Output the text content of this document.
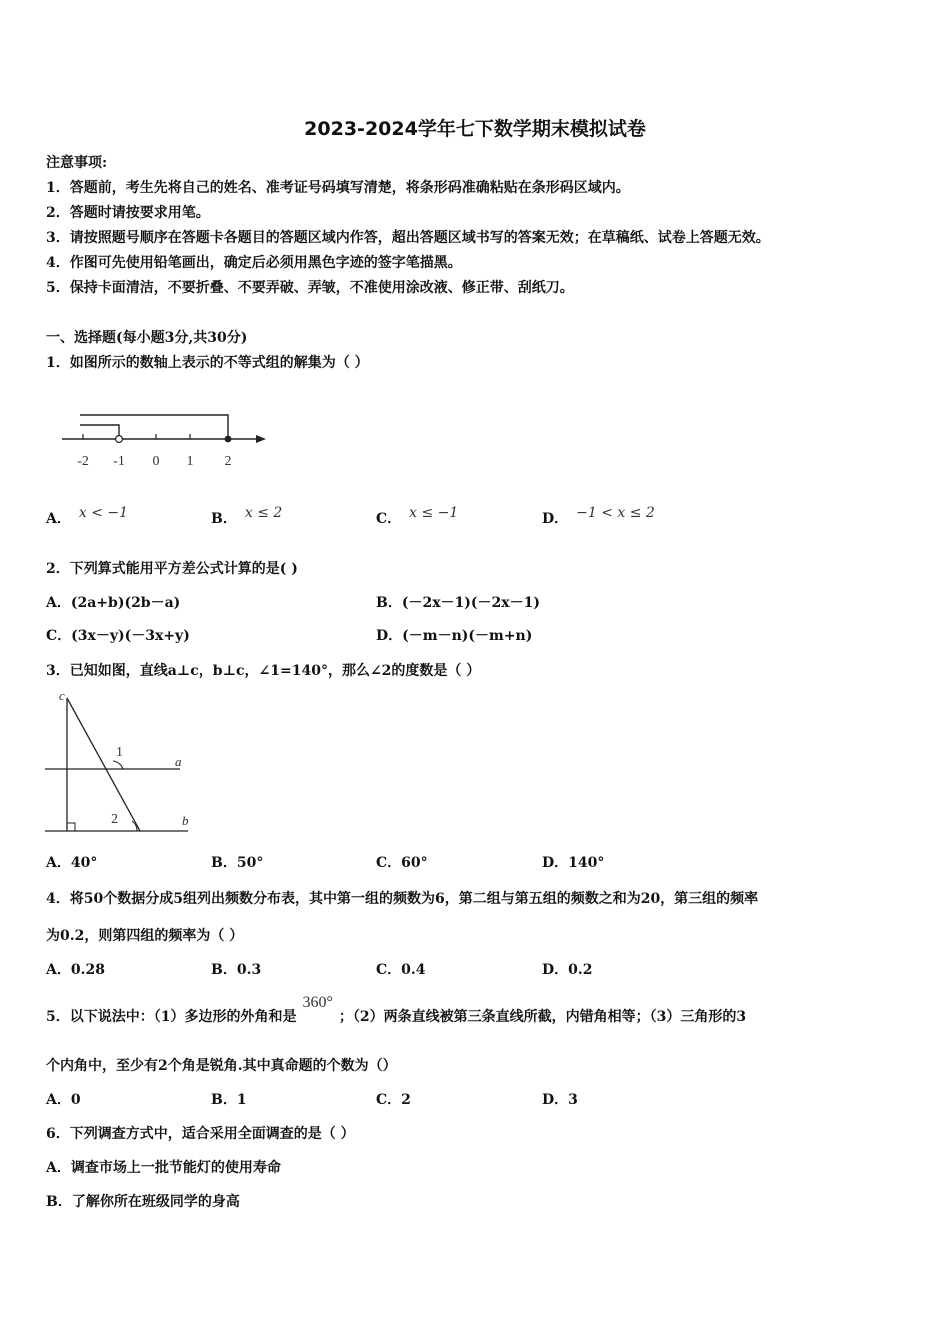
2023-2024学年七下数学期末模拟试卷
注意事项:
1．答题前，考生先将自己的姓名、准考证号码填写清楚，将条形码准确粘贴在条形码区域内。
2．答题时请按要求用笔。
3．请按照题号顺序在答题卡各题目的答题区域内作答，超出答题区域书写的答案无效；在草稿纸、试卷上答题无效。
4．作图可先使用铅笔画出，确定后必须用黑色字迹的签字笔描黑。
5．保持卡面清洁，不要折叠、不要弄破、弄皱，不准使用涂改液、修正带、刮纸刀。
一、选择题(每小题3分,共30分)
1．如图所示的数轴上表示的不等式组的解集为（ ）
-2 -1 0 1 2
A． x < −1	B． x ≤ 2	C． x ≤ −1	D． −1 < x ≤ 2
2．下列算式能用平方差公式计算的是( )
A．(2a+b)(2b－a)	B．(－2x－1)(－2x－1)
C．(3x－y)(－3x+y)	D．(－m－n)(－m+n)
3．已知如图，直线a⊥c，b⊥c，∠1=140°，那么∠2的度数是（ ）
c
a
b
1
2
A．40°	B．50°	C．60°	D．140°
4．将50个数据分成5组列出频数分布表，其中第一组的频数为6，第二组与第五组的频数之和为20，第三组的频率
为0.2，则第四组的频率为（ ）
A．0.28	B．0.3	C．0.4	D．0.2
5．以下说法中：（1）多边形的外角和是360°；（2）两条直线被第三条直线所截，内错角相等；（3）三角形的3
个内角中，至少有2个角是锐角.其中真命题的个数为（）
A．0	B．1	C．2	D．3
6．下列调查方式中，适合采用全面调查的是（ ）
A．调查市场上一批节能灯的使用寿命
B．了解你所在班级同学的身高
